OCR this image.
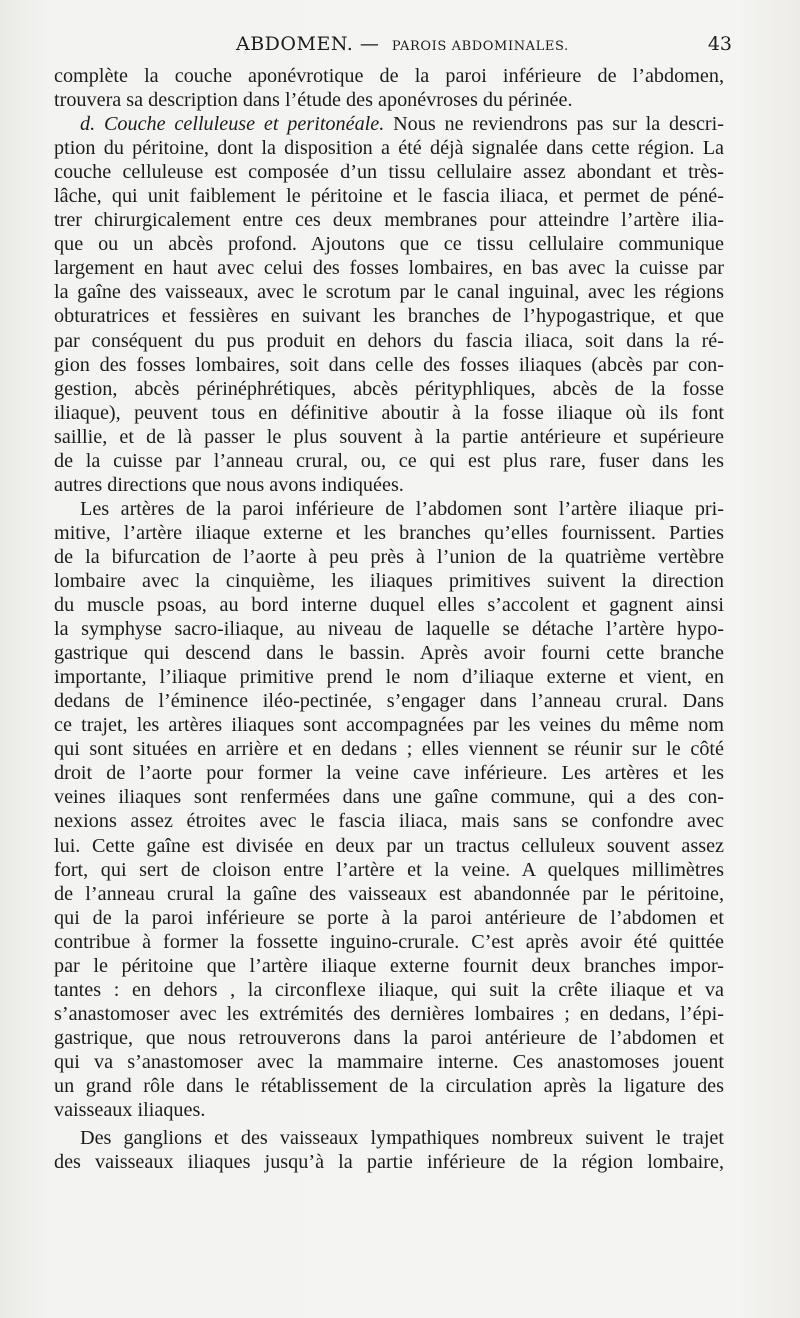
ABDOMEN. — PAROIS ABDOMINALES.	43
complète la couche aponévrotique de la paroi inférieure de l’abdomen,
trouvera sa description dans l’étude des aponévroses du périnée.
d. Couche celluleuse et peritonéale. Nous ne reviendrons pas sur la descri-
ption du péritoine, dont la disposition a été déjà signalée dans cette région. La
couche celluleuse est composée d’un tissu cellulaire assez abondant et très-
lâche, qui unit faiblement le péritoine et le fascia iliaca, et permet de péné-
trer chirurgicalement entre ces deux membranes pour atteindre l’artère ilia-
que ou un abcès profond. Ajoutons que ce tissu cellulaire communique
largement en haut avec celui des fosses lombaires, en bas avec la cuisse par
la gaîne des vaisseaux, avec le scrotum par le canal inguinal, avec les régions
obturatrices et fessières en suivant les branches de l’hypogastrique, et que
par conséquent du pus produit en dehors du fascia iliaca, soit dans la ré-
gion des fosses lombaires, soit dans celle des fosses iliaques (abcès par con-
gestion, abcès périnéphrétiques, abcès pérityphliques, abcès de la fosse
iliaque), peuvent tous en définitive aboutir à la fosse iliaque où ils font
saillie, et de là passer le plus souvent à la partie antérieure et supérieure
de la cuisse par l’anneau crural, ou, ce qui est plus rare, fuser dans les
autres directions que nous avons indiquées.
Les artères de la paroi inférieure de l’abdomen sont l’artère iliaque pri-
mitive, l’artère iliaque externe et les branches qu’elles fournissent. Parties
de la bifurcation de l’aorte à peu près à l’union de la quatrième vertèbre
lombaire avec la cinquième, les iliaques primitives suivent la direction
du muscle psoas, au bord interne duquel elles s’accolent et gagnent ainsi
la symphyse sacro-iliaque, au niveau de laquelle se détache l’artère hypo-
gastrique qui descend dans le bassin. Après avoir fourni cette branche
importante, l’iliaque primitive prend le nom d’iliaque externe et vient, en
dedans de l’éminence iléo-pectinée, s’engager dans l’anneau crural. Dans
ce trajet, les artères iliaques sont accompagnées par les veines du même nom
qui sont situées en arrière et en dedans ; elles viennent se réunir sur le côté
droit de l’aorte pour former la veine cave inférieure. Les artères et les
veines iliaques sont renfermées dans une gaîne commune, qui a des con-
nexions assez étroites avec le fascia iliaca, mais sans se confondre avec
lui. Cette gaîne est divisée en deux par un tractus celluleux souvent assez
fort, qui sert de cloison entre l’artère et la veine. A quelques millimètres
de l’anneau crural la gaîne des vaisseaux est abandonnée par le péritoine,
qui de la paroi inférieure se porte à la paroi antérieure de l’abdomen et
contribue à former la fossette inguino-crurale. C’est après avoir été quittée
par le péritoine que l’artère iliaque externe fournit deux branches impor-
tantes : en dehors , la circonflexe iliaque, qui suit la crête iliaque et va
s’anastomoser avec les extrémités des dernières lombaires ; en dedans, l’épi-
gastrique, que nous retrouverons dans la paroi antérieure de l’abdomen et
qui va s’anastomoser avec la mammaire interne. Ces anastomoses jouent
un grand rôle dans le rétablissement de la circulation après la ligature des
vaisseaux iliaques.
Des ganglions et des vaisseaux lympathiques nombreux suivent le trajet
des vaisseaux iliaques jusqu’à la partie inférieure de la région lombaire,
